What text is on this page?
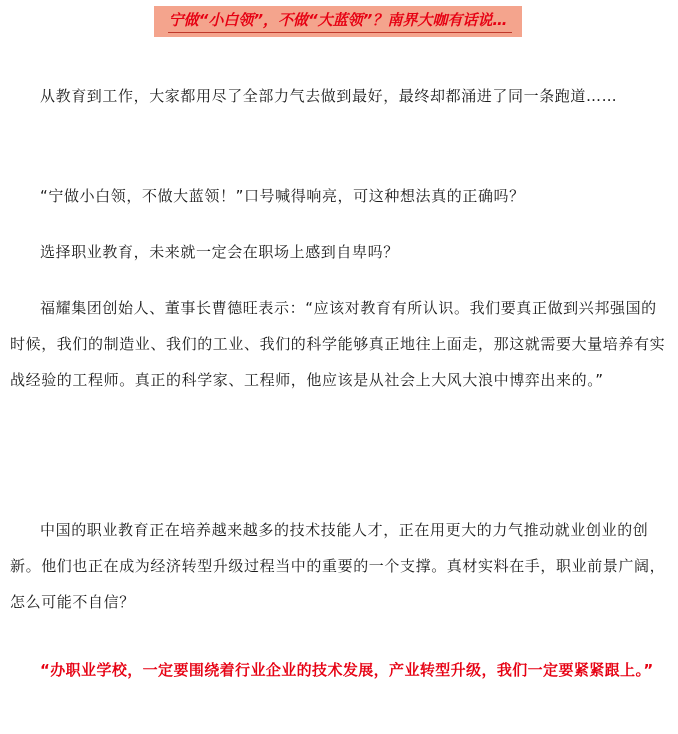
宁做“小白领”，不做“大蓝领”？南界大咖有话说…

从教育到工作，大家都用尽了全部力气去做到最好，最终却都涌进了同一条跑道……

“宁做小白领，不做大蓝领！”口号喊得响亮，可这种想法真的正确吗？

选择职业教育，未来就一定会在职场上感到自卑吗？

福耀集团创始人、董事长曹德旺表示：“应该对教育有所认识。我们要真正做到兴邦强国的时候，我们的制造业、我们的工业、我们的科学能够真正地往上面走，那这就需要大量培养有实战经验的工程师。真正的科学家、工程师，他应该是从社会上大风大浪中博弈出来的。”

中国的职业教育正在培养越来越多的技术技能人才，正在用更大的力气推动就业创业的创新。他们也正在成为经济转型升级过程当中的重要的一个支撑。真材实料在手，职业前景广阔，怎么可能不自信？

“办职业学校，一定要围绕着行业企业的技术发展，产业转型升级，我们一定要紧紧跟上。”
